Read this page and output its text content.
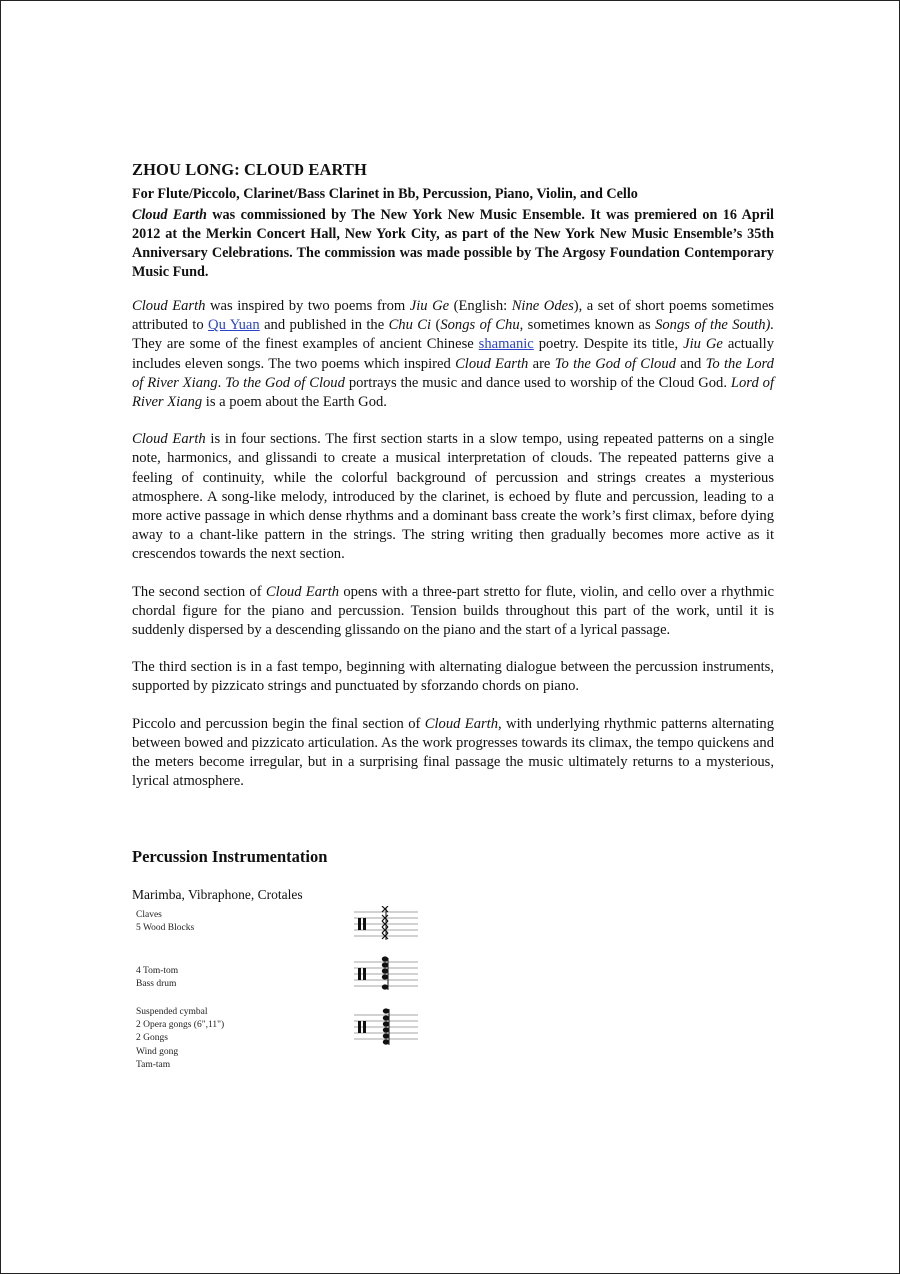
ZHOU LONG: CLOUD EARTH
For Flute/Piccolo, Clarinet/Bass Clarinet in Bb, Percussion, Piano, Violin, and Cello
Cloud Earth was commissioned by The New York New Music Ensemble. It was premiered on 16 April 2012 at the Merkin Concert Hall, New York City, as part of the New York New Music Ensemble’s 35th Anniversary Celebrations. The commission was made possible by The Argosy Foundation Contemporary Music Fund.

Cloud Earth was inspired by two poems from Jiu Ge (English: Nine Odes), a set of short poems sometimes attributed to Qu Yuan and published in the Chu Ci (Songs of Chu, sometimes known as Songs of the South). They are some of the finest examples of ancient Chinese shamanic poetry. Despite its title, Jiu Ge actually includes eleven songs. The two poems which inspired Cloud Earth are To the God of Cloud and To the Lord of River Xiang. To the God of Cloud portrays the music and dance used to worship of the Cloud God. Lord of River Xiang is a poem about the Earth God.

Cloud Earth is in four sections. The first section starts in a slow tempo, using repeated patterns on a single note, harmonics, and glissandi to create a musical interpretation of clouds. The repeated patterns give a feeling of continuity, while the colorful background of percussion and strings creates a mysterious atmosphere. A song-like melody, introduced by the clarinet, is echoed by flute and percussion, leading to a more active passage in which dense rhythms and a dominant bass create the work’s first climax, before dying away to a chant-like pattern in the strings. The string writing then gradually becomes more active as it crescendos towards the next section.

The second section of Cloud Earth opens with a three-part stretto for flute, violin, and cello over a rhythmic chordal figure for the piano and percussion. Tension builds throughout this part of the work, until it is suddenly dispersed by a descending glissando on the piano and the start of a lyrical passage.

The third section is in a fast tempo, beginning with alternating dialogue between the percussion instruments, supported by pizzicato strings and punctuated by sforzando chords on piano.

Piccolo and percussion begin the final section of Cloud Earth, with underlying rhythmic patterns alternating between bowed and pizzicato articulation. As the work progresses towards its climax, the tempo quickens and the meters become irregular, but in a surprising final passage the music ultimately returns to a mysterious, lyrical atmosphere.

Percussion Instrumentation
Marimba, Vibraphone, Crotales
Claves
5 Wood Blocks
4 Tom-tom
Bass drum
Suspended cymbal
2 Opera gongs (6",11")
2 Gongs
Wind gong
Tam-tam
